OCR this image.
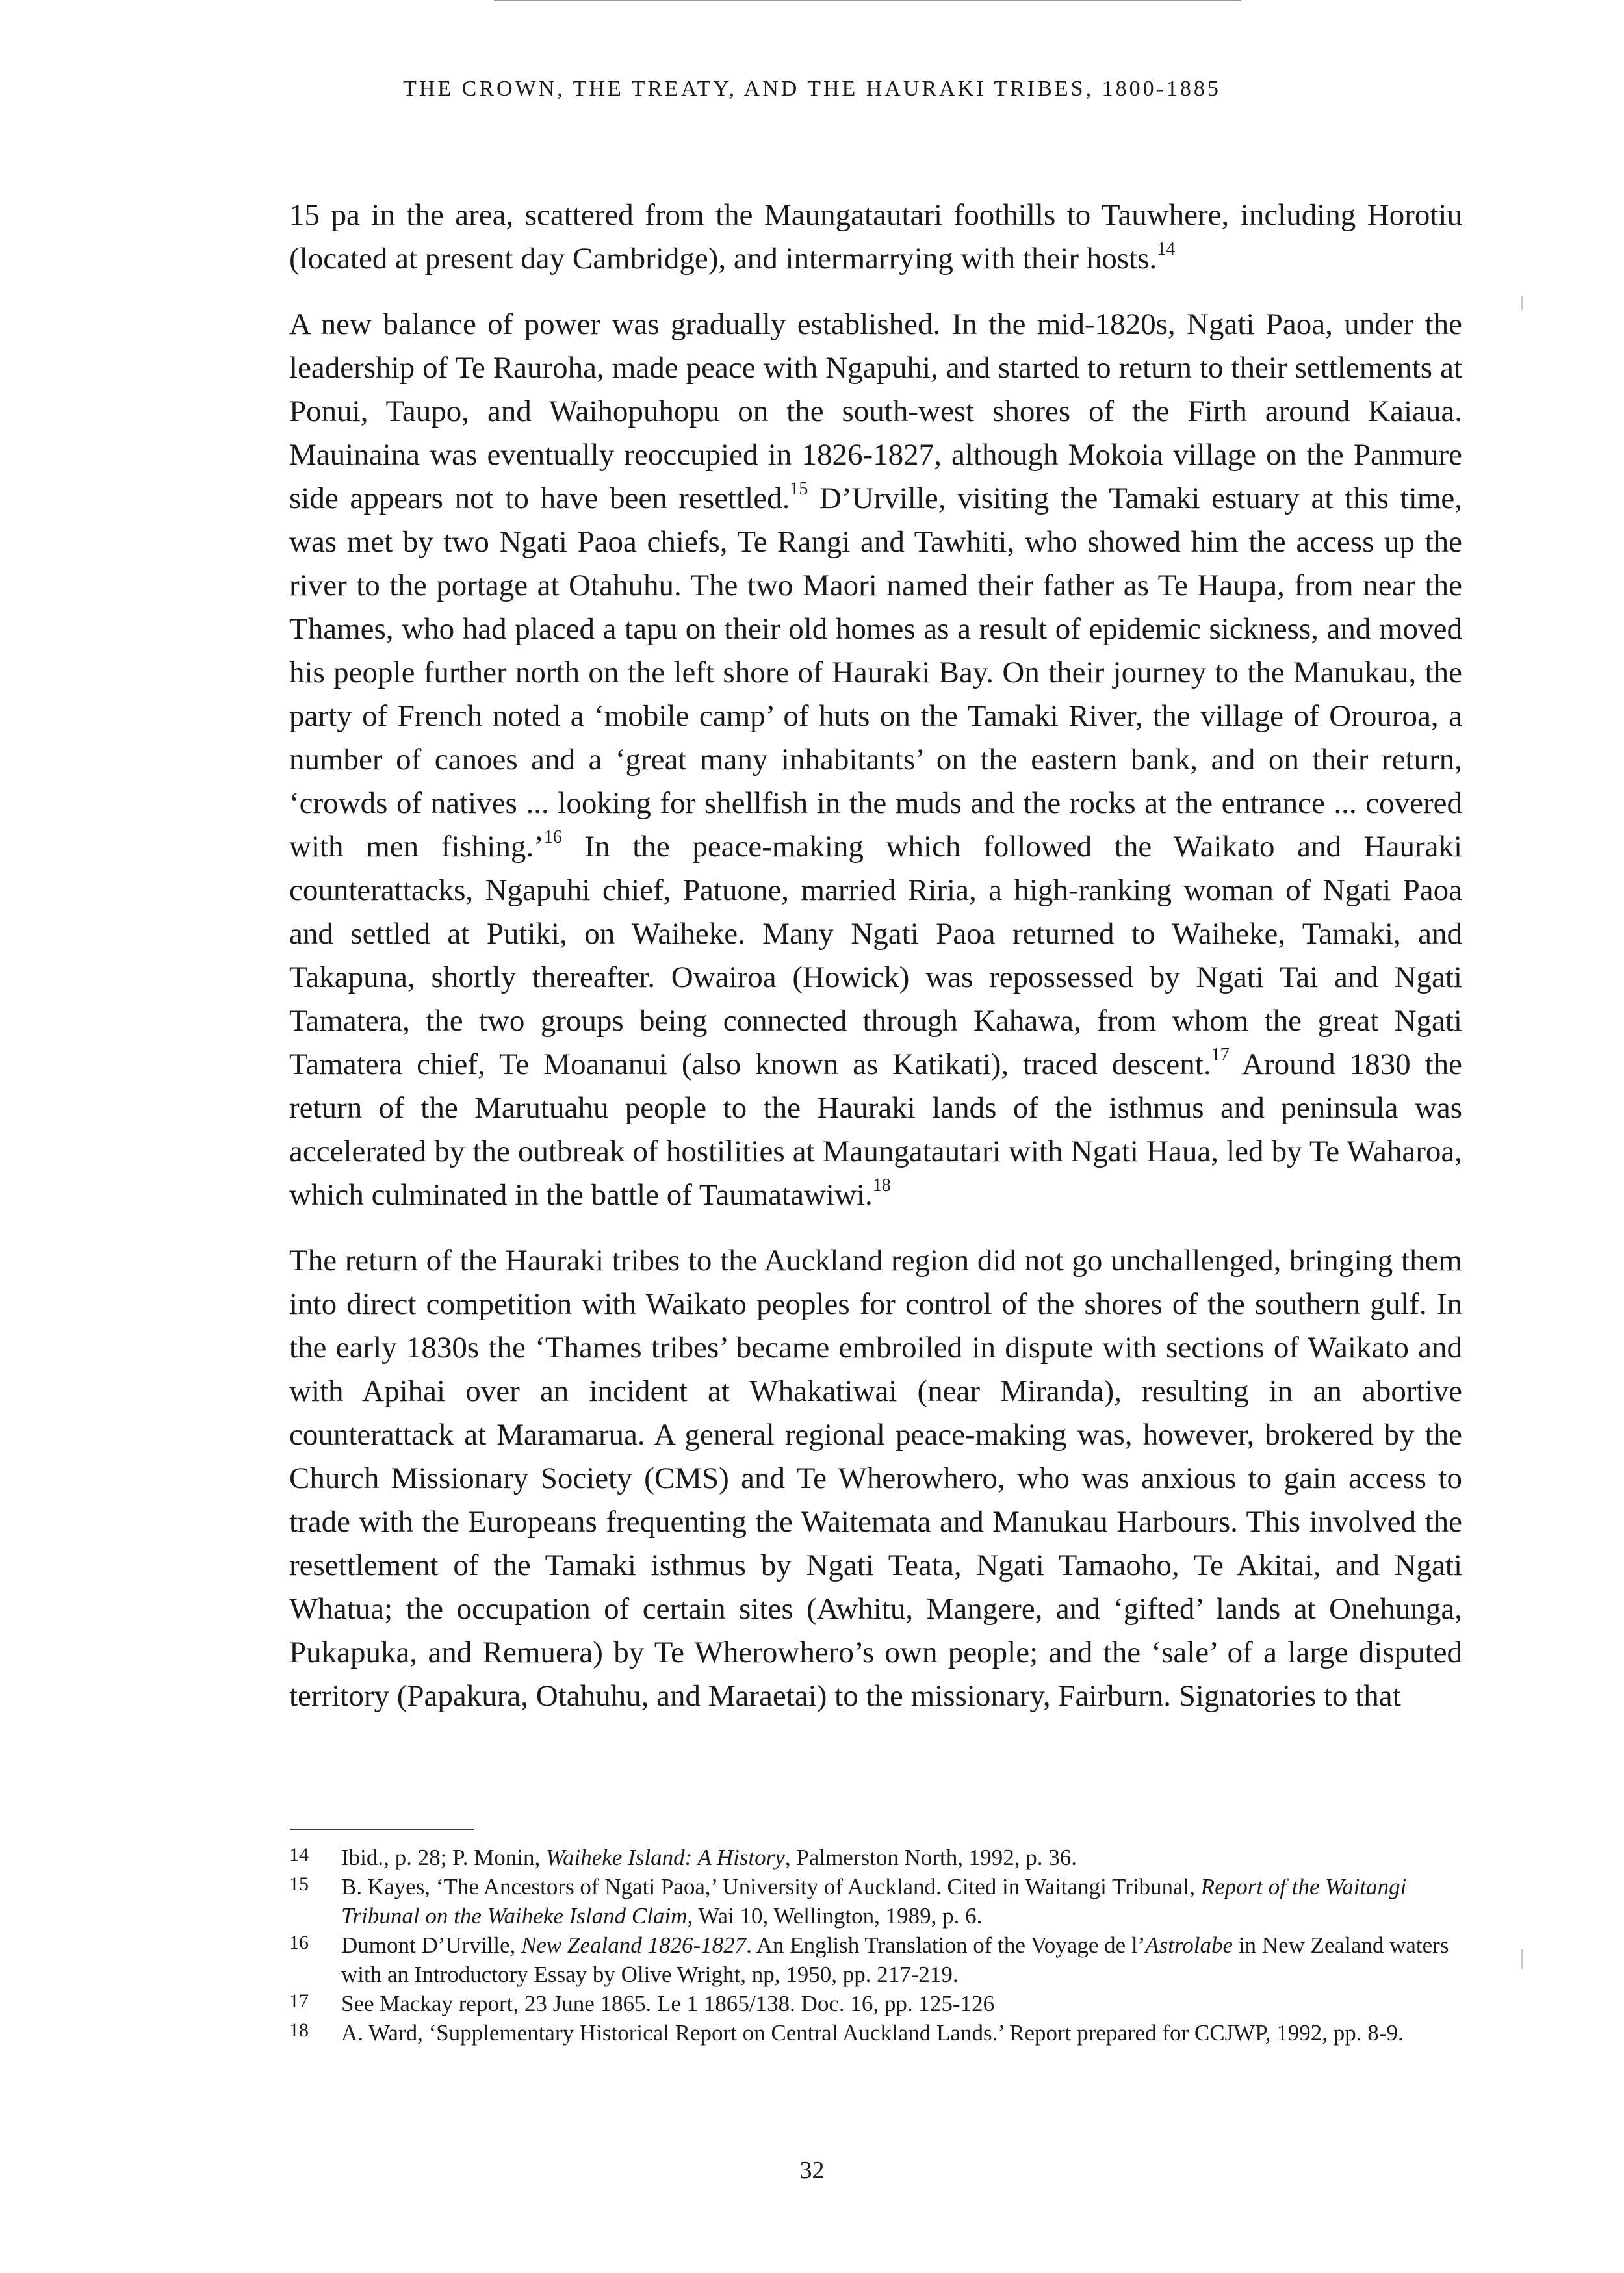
THE CROWN, THE TREATY, AND THE HAURAKI TRIBES, 1800-1885

15 pa in the area, scattered from the Maungatautari foothills to Tauwhere, including Horotiu (located at present day Cambridge), and intermarrying with their hosts.$^{14}$

A new balance of power was gradually established. In the mid-1820s, Ngati Paoa, under the leadership of Te Rauroha, made peace with Ngapuhi, and started to return to their settlements at Ponui, Taupo, and Waihopuhopu on the south-west shores of the Firth around Kaiaua. Mauinaina was eventually reoccupied in 1826-1827, although Mokoia village on the Panmure side appears not to have been resettled.$^{15}$ D’Urville, visiting the Tamaki estuary at this time, was met by two Ngati Paoa chiefs, Te Rangi and Tawhiti, who showed him the access up the river to the portage at Otahuhu. The two Maori named their father as Te Haupa, from near the Thames, who had placed a tapu on their old homes as a result of epidemic sickness, and moved his people further north on the left shore of Hauraki Bay. On their journey to the Manukau, the party of French noted a ‘mobile camp’ of huts on the Tamaki River, the village of Orouroa, a number of canoes and a ‘great many inhabitants’ on the eastern bank, and on their return, ‘crowds of natives ... looking for shellfish in the muds and the rocks at the entrance ... covered with men fishing.’$^{16}$ In the peace-making which followed the Waikato and Hauraki counterattacks, Ngapuhi chief, Patuone, married Riria, a high-ranking woman of Ngati Paoa and settled at Putiki, on Waiheke. Many Ngati Paoa returned to Waiheke, Tamaki, and Takapuna, shortly thereafter. Owairoa (Howick) was repossessed by Ngati Tai and Ngati Tamatera, the two groups being connected through Kahawa, from whom the great Ngati Tamatera chief, Te Moananui (also known as Katikati), traced descent.$^{17}$ Around 1830 the return of the Marutuahu people to the Hauraki lands of the isthmus and peninsula was accelerated by the outbreak of hostilities at Maungatautari with Ngati Haua, led by Te Waharoa, which culminated in the battle of Taumatawiwi.$^{18}$

The return of the Hauraki tribes to the Auckland region did not go unchallenged, bringing them into direct competition with Waikato peoples for control of the shores of the southern gulf. In the early 1830s the ‘Thames tribes’ became embroiled in dispute with sections of Waikato and with Apihai over an incident at Whakatiwai (near Miranda), resulting in an abortive counterattack at Maramarua. A general regional peace-making was, however, brokered by the Church Missionary Society (CMS) and Te Wherowhero, who was anxious to gain access to trade with the Europeans frequenting the Waitemata and Manukau Harbours. This involved the resettlement of the Tamaki isthmus by Ngati Teata, Ngati Tamaoho, Te Akitai, and Ngati Whatua; the occupation of certain sites (Awhitu, Mangere, and ‘gifted’ lands at Onehunga, Pukapuka, and Remuera) by Te Wherowhero’s own people; and the ‘sale’ of a large disputed territory (Papakura, Otahuhu, and Maraetai) to the missionary, Fairburn. Signatories to that

14 Ibid., p. 28; P. Monin, Waiheke Island: A History, Palmerston North, 1992, p. 36.

15 B. Kayes, ‘The Ancestors of Ngati Paoa,’ University of Auckland. Cited in Waitangi Tribunal, Report of the Waitangi Tribunal on the Waiheke Island Claim, Wai 10, Wellington, 1989, p. 6.

16 Dumont D’Urville, New Zealand 1826-1827. An English Translation of the Voyage de l’Astrolabe in New Zealand waters with an Introductory Essay by Olive Wright, np, 1950, pp. 217-219.

17 See Mackay report, 23 June 1865. Le 1 1865/138. Doc. 16, pp. 125-126

18 A. Ward, ‘Supplementary Historical Report on Central Auckland Lands.’ Report prepared for CCJWP, 1992, pp. 8-9.

32
